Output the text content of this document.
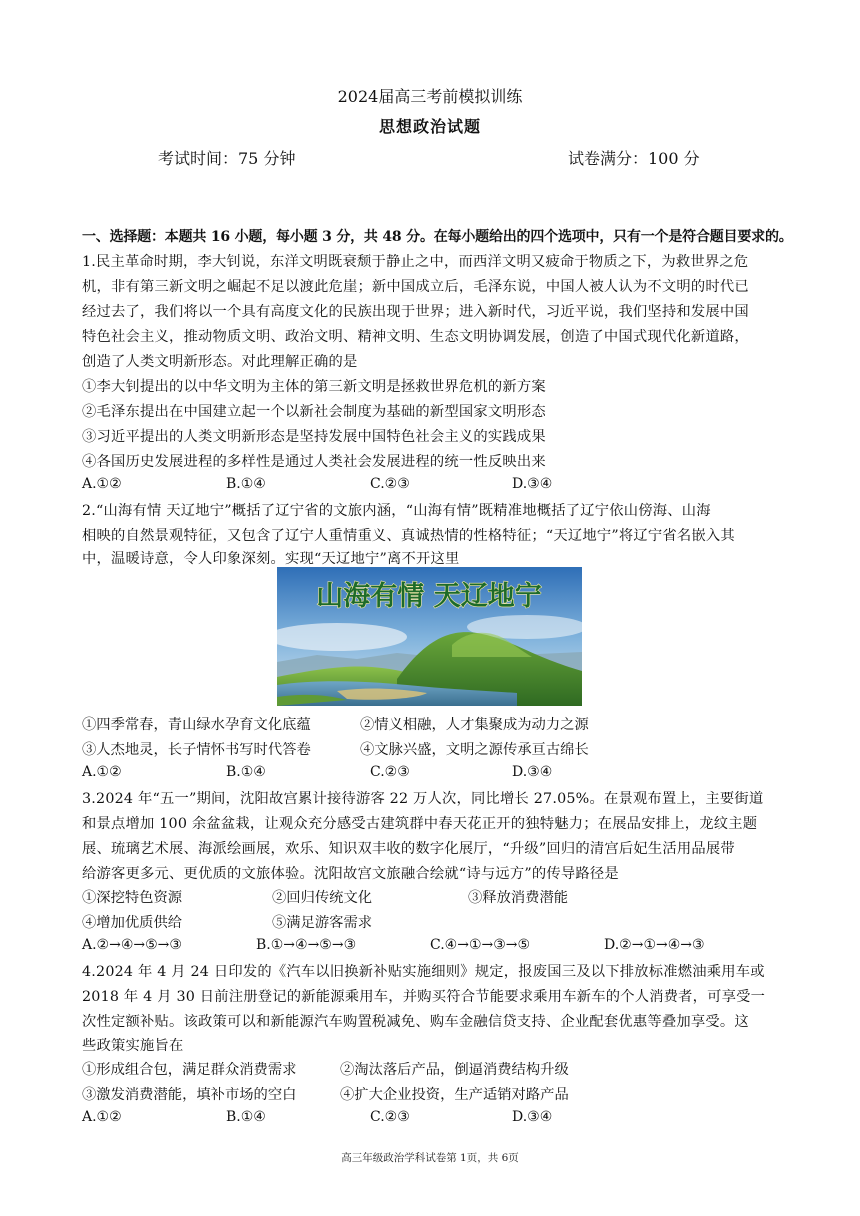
2024届高三考前模拟训练
思想政治试题
考试时间：75 分钟	试卷满分：100 分
一、选择题：本题共 16 小题，每小题 3 分，共 48 分。在每小题给出的四个选项中，只有一个是符合题目要求的。
1.民主革命时期，李大钊说，东洋文明既衰颓于静止之中，而西洋文明又疲命于物质之下，为救世界之危
机，非有第三新文明之崛起不足以渡此危崖；新中国成立后，毛泽东说，中国人被人认为不文明的时代已
经过去了，我们将以一个具有高度文化的民族出现于世界；进入新时代，习近平说，我们坚持和发展中国
特色社会主义，推动物质文明、政治文明、精神文明、生态文明协调发展，创造了中国式现代化新道路，
创造了人类文明新形态。对此理解正确的是
①李大钊提出的以中华文明为主体的第三新文明是拯救世界危机的新方案
②毛泽东提出在中国建立起一个以新社会制度为基础的新型国家文明形态
③习近平提出的人类文明新形态是坚持发展中国特色社会主义的实践成果
④各国历史发展进程的多样性是通过人类社会发展进程的统一性反映出来
A.①②	B.①④	C.②③	D.③④
2.“山海有情 天辽地宁”概括了辽宁省的文旅内涵，“山海有情”既精准地概括了辽宁依山傍海、山海
相映的自然景观特征，又包含了辽宁人重情重义、真诚热情的性格特征；“天辽地宁”将辽宁省名嵌入其
中，温暖诗意，令人印象深刻。实现“天辽地宁”离不开这里
山海有情 天辽地宁
①四季常春，青山绿水孕育文化底蕴	②情义相融，人才集聚成为动力之源
③人杰地灵，长子情怀书写时代答卷	④文脉兴盛，文明之源传承亘古绵长
A.①②	B.①④	C.②③	D.③④
3.2024 年“五一”期间，沈阳故宫累计接待游客 22 万人次，同比增长 27.05%。在景观布置上，主要街道
和景点增加 100 余盆盆栽，让观众充分感受古建筑群中春天花正开的独特魅力；在展品安排上，龙纹主题
展、琉璃艺术展、海派绘画展，欢乐、知识双丰收的数字化展厅，“升级”回归的清宫后妃生活用品展带
给游客更多元、更优质的文旅体验。沈阳故宫文旅融合绘就“诗与远方”的传导路径是
①深挖特色资源	②回归传统文化	③释放消费潜能
④增加优质供给	⑤满足游客需求
A.②→④→⑤→③	B.①→④→⑤→③	C.④→①→③→⑤	D.②→①→④→③
4.2024 年 4 月 24 日印发的《汽车以旧换新补贴实施细则》规定，报废国三及以下排放标准燃油乘用车或
2018 年 4 月 30 日前注册登记的新能源乘用车，并购买符合节能要求乘用车新车的个人消费者，可享受一
次性定额补贴。该政策可以和新能源汽车购置税减免、购车金融信贷支持、企业配套优惠等叠加享受。这
些政策实施旨在
①形成组合包，满足群众消费需求	②淘汰落后产品，倒逼消费结构升级
③激发消费潜能，填补市场的空白	④扩大企业投资，生产适销对路产品
A.①②	B.①④	C.②③	D.③④
高三年级政治学科试卷第 1页，共 6页
